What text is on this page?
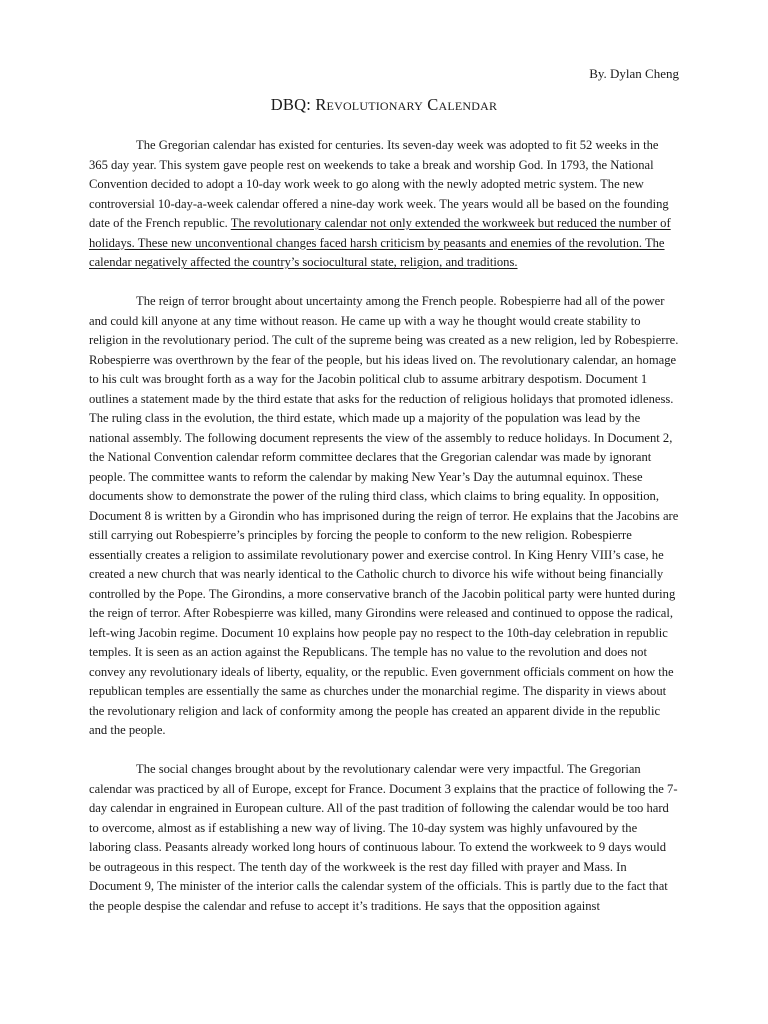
By. Dylan Cheng
DBQ: Revolutionary Calendar

The Gregorian calendar has existed for centuries. Its seven-day week was adopted to fit 52 weeks in the 365 day year. This system gave people rest on weekends to take a break and worship God. In 1793, the National Convention decided to adopt a 10-day work week to go along with the newly adopted metric system. The new controversial 10-day-a-week calendar offered a nine-day work week. The years would all be based on the founding date of the French republic. The revolutionary calendar not only extended the workweek but reduced the number of holidays. These new unconventional changes faced harsh criticism by peasants and enemies of the revolution. The calendar negatively affected the country’s sociocultural state, religion, and traditions.

The reign of terror brought about uncertainty among the French people. Robespierre had all of the power and could kill anyone at any time without reason. He came up with a way he thought would create stability to religion in the revolutionary period. The cult of the supreme being was created as a new religion, led by Robespierre. Robespierre was overthrown by the fear of the people, but his ideas lived on. The revolutionary calendar, an homage to his cult was brought forth as a way for the Jacobin political club to assume arbitrary despotism. Document 1 outlines a statement made by the third estate that asks for the reduction of religious holidays that promoted idleness. The ruling class in the evolution, the third estate, which made up a majority of the population was lead by the national assembly. The following document represents the view of the assembly to reduce holidays. In Document 2, the National Convention calendar reform committee declares that the Gregorian calendar was made by ignorant people. The committee wants to reform the calendar by making New Year’s Day the autumnal equinox. These documents show to demonstrate the power of the ruling third class, which claims to bring equality. In opposition, Document 8 is written by a Girondin who has imprisoned during the reign of terror. He explains that the Jacobins are still carrying out Robespierre’s principles by forcing the people to conform to the new religion. Robespierre essentially creates a religion to assimilate revolutionary power and exercise control. In King Henry VIII’s case, he created a new church that was nearly identical to the Catholic church to divorce his wife without being financially controlled by the Pope. The Girondins, a more conservative branch of the Jacobin political party were hunted during the reign of terror. After Robespierre was killed, many Girondins were released and continued to oppose the radical, left-wing Jacobin regime. Document 10 explains how people pay no respect to the 10th-day celebration in republic temples. It is seen as an action against the Republicans. The temple has no value to the revolution and does not convey any revolutionary ideals of liberty, equality, or the republic. Even government officials comment on how the republican temples are essentially the same as churches under the monarchial regime. The disparity in views about the revolutionary religion and lack of conformity among the people has created an apparent divide in the republic and the people.

The social changes brought about by the revolutionary calendar were very impactful. The Gregorian calendar was practiced by all of Europe, except for France. Document 3 explains that the practice of following the 7-day calendar in engrained in European culture. All of the past tradition of following the calendar would be too hard to overcome, almost as if establishing a new way of living. The 10-day system was highly unfavoured by the laboring class. Peasants already worked long hours of continuous labour. To extend the workweek to 9 days would be outrageous in this respect. The tenth day of the workweek is the rest day filled with prayer and Mass. In Document 9, The minister of the interior calls the calendar system of the officials. This is partly due to the fact that the people despise the calendar and refuse to accept it’s traditions. He says that the opposition against
